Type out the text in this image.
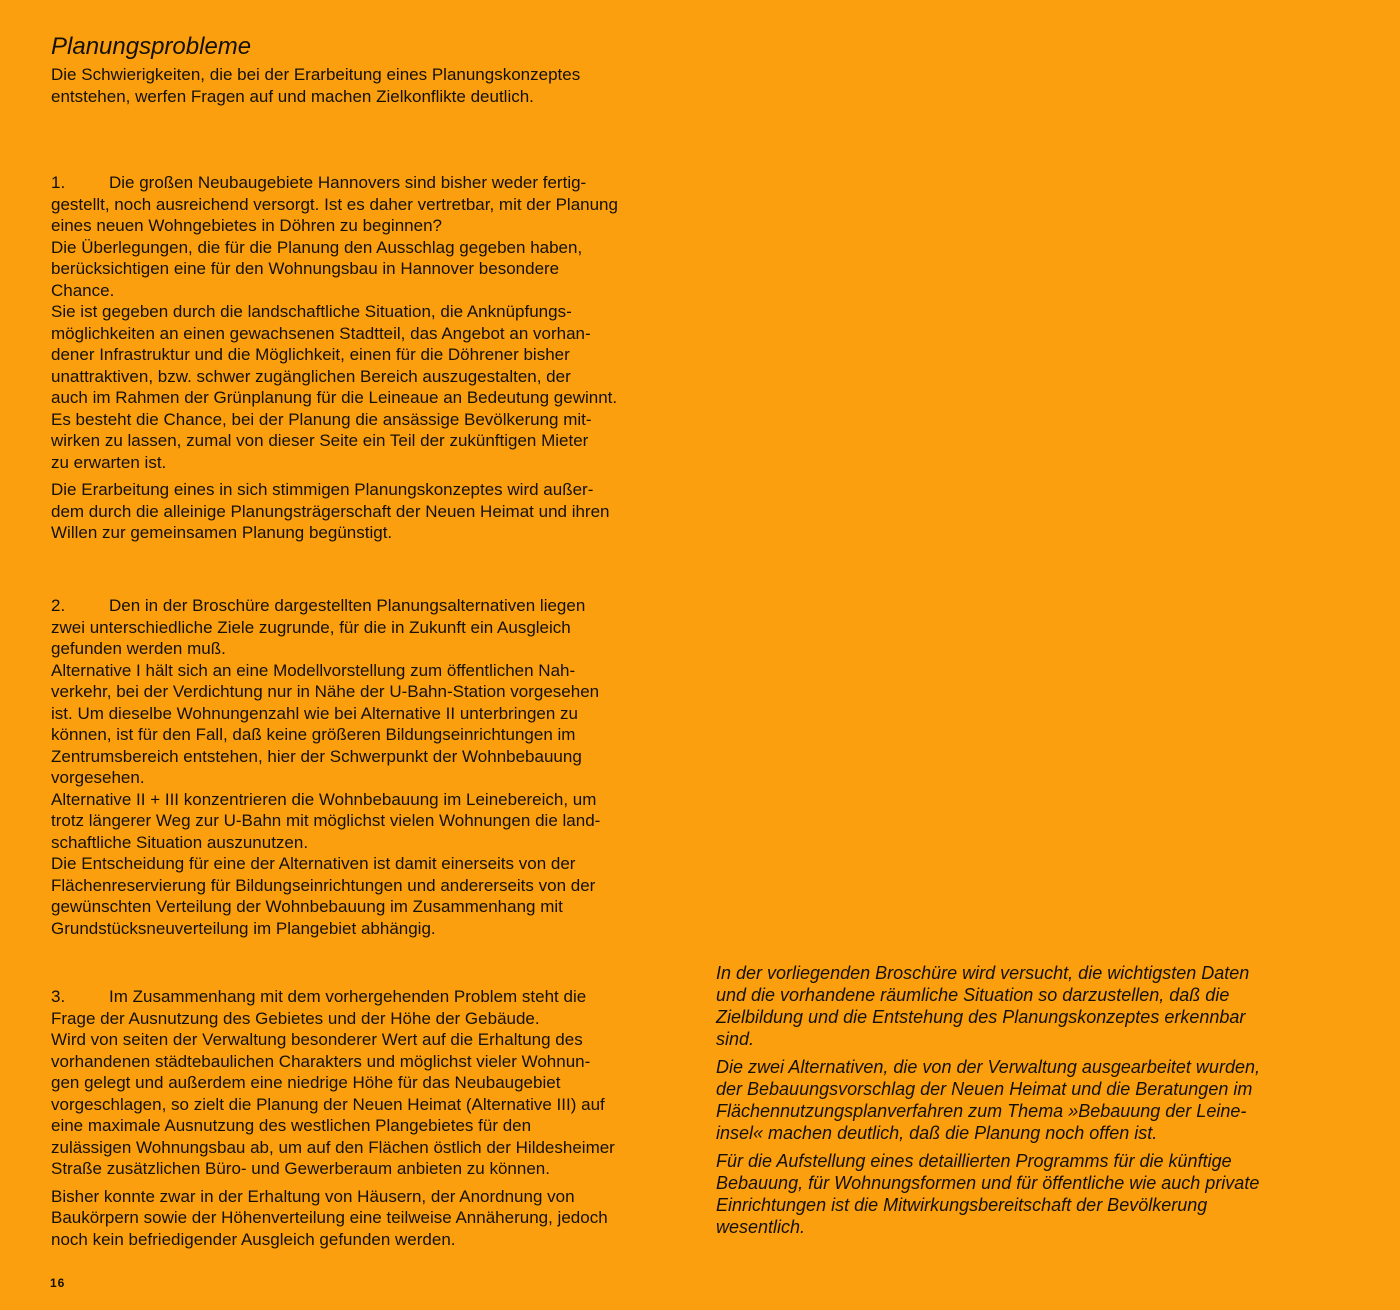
Planungsprobleme
Die Schwierigkeiten, die bei der Erarbeitung eines Planungskonzeptes
entstehen, werfen Fragen auf und machen Zielkonflikte deutlich.
1.	Die großen Neubaugebiete Hannovers sind bisher weder fertig-
gestellt, noch ausreichend versorgt. Ist es daher vertretbar, mit der Planung
eines neuen Wohngebietes in Döhren zu beginnen?
Die Überlegungen, die für die Planung den Ausschlag gegeben haben,
berücksichtigen eine für den Wohnungsbau in Hannover besondere
Chance.
Sie ist gegeben durch die landschaftliche Situation, die Anknüpfungs-
möglichkeiten an einen gewachsenen Stadtteil, das Angebot an vorhan-
dener Infrastruktur und die Möglichkeit, einen für die Döhrener bisher
unattraktiven, bzw. schwer zugänglichen Bereich auszugestalten, der
auch im Rahmen der Grünplanung für die Leineaue an Bedeutung gewinnt.
Es besteht die Chance, bei der Planung die ansässige Bevölkerung mit-
wirken zu lassen, zumal von dieser Seite ein Teil der zukünftigen Mieter
zu erwarten ist.
Die Erarbeitung eines in sich stimmigen Planungskonzeptes wird außer-
dem durch die alleinige Planungsträgerschaft der Neuen Heimat und ihren
Willen zur gemeinsamen Planung begünstigt.
2.	Den in der Broschüre dargestellten Planungsalternativen liegen
zwei unterschiedliche Ziele zugrunde, für die in Zukunft ein Ausgleich
gefunden werden muß.
Alternative I hält sich an eine Modellvorstellung zum öffentlichen Nah-
verkehr, bei der Verdichtung nur in Nähe der U-Bahn-Station vorgesehen
ist. Um dieselbe Wohnungenzahl wie bei Alternative II unterbringen zu
können, ist für den Fall, daß keine größeren Bildungseinrichtungen im
Zentrumsbereich entstehen, hier der Schwerpunkt der Wohnbebauung
vorgesehen.
Alternative II + III konzentrieren die Wohnbebauung im Leinebereich, um
trotz längerer Weg zur U-Bahn mit möglichst vielen Wohnungen die land-
schaftliche Situation auszunutzen.
Die Entscheidung für eine der Alternativen ist damit einerseits von der
Flächenreservierung für Bildungseinrichtungen und andererseits von der
gewünschten Verteilung der Wohnbebauung im Zusammenhang mit
Grundstücksneuverteilung im Plangebiet abhängig.
3.	Im Zusammenhang mit dem vorhergehenden Problem steht die
Frage der Ausnutzung des Gebietes und der Höhe der Gebäude.
Wird von seiten der Verwaltung besonderer Wert auf die Erhaltung des
vorhandenen städtebaulichen Charakters und möglichst vieler Wohnun-
gen gelegt und außerdem eine niedrige Höhe für das Neubaugebiet
vorgeschlagen, so zielt die Planung der Neuen Heimat (Alternative III) auf
eine maximale Ausnutzung des westlichen Plangebietes für den
zulässigen Wohnungsbau ab, um auf den Flächen östlich der Hildesheimer
Straße zusätzlichen Büro- und Gewerberaum anbieten zu können.
Bisher konnte zwar in der Erhaltung von Häusern, der Anordnung von
Baukörpern sowie der Höhenverteilung eine teilweise Annäherung, jedoch
noch kein befriedigender Ausgleich gefunden werden.
In der vorliegenden Broschüre wird versucht, die wichtigsten Daten
und die vorhandene räumliche Situation so darzustellen, daß die
Zielbildung und die Entstehung des Planungskonzeptes erkennbar
sind.
Die zwei Alternativen, die von der Verwaltung ausgearbeitet wurden,
der Bebauungsvorschlag der Neuen Heimat und die Beratungen im
Flächennutzungsplanverfahren zum Thema »Bebauung der Leine-
insel« machen deutlich, daß die Planung noch offen ist.
Für die Aufstellung eines detaillierten Programms für die künftige
Bebauung, für Wohnungsformen und für öffentliche wie auch private
Einrichtungen ist die Mitwirkungsbereitschaft der Bevölkerung
wesentlich.
16
